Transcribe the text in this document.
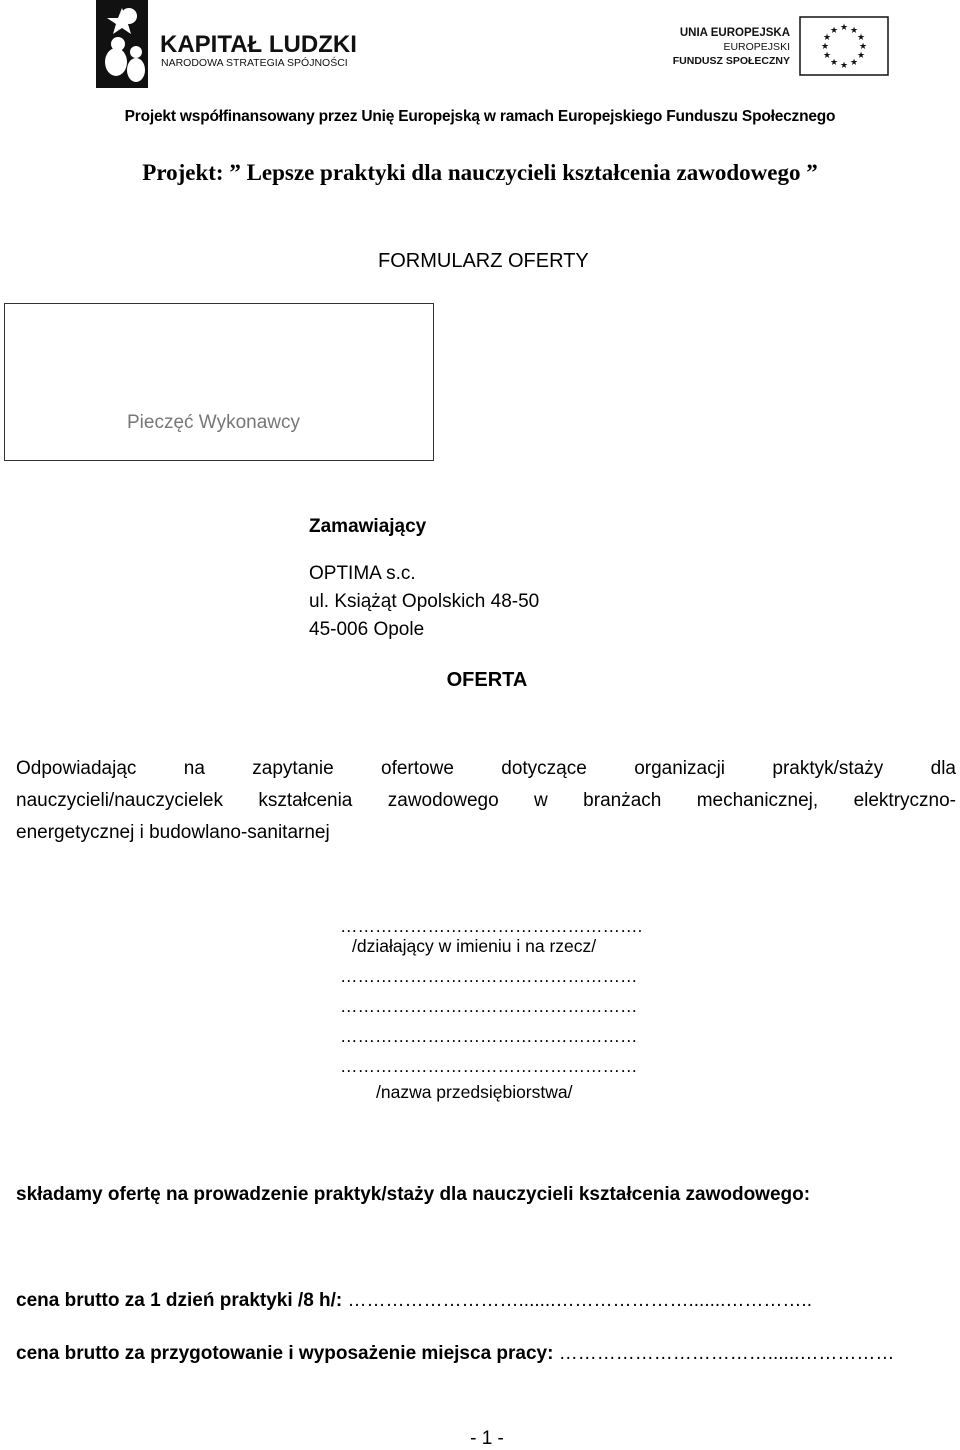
KAPITAŁ LUDZKI
NARODOWA STRATEGIA SPÓJNOŚCI
UNIA EUROPEJSKA
EUROPEJSKI
FUNDUSZ SPOŁECZNY
★ ★
★
★
★
★
★
★
★
★
★
★
Projekt współfinansowany przez Unię Europejską w ramach Europejskiego Funduszu Społecznego
Projekt: ” Lepsze praktyki dla nauczycieli kształcenia zawodowego ”
FORMULARZ OFERTY
Pieczęć Wykonawcy
Zamawiający
OPTIMA s.c.
ul. Książąt Opolskich 48-50
45-006 Opole
OFERTA
Odpowiadając na zapytanie ofertowe dotyczące organizacji praktyk/staży dla
nauczycieli/nauczycielek kształcenia zawodowego w branżach mechanicznej, elektryczno-
energetycznej i budowlano-sanitarnej
…………………………………………….
/działający w imieniu i na rzecz/
……………………………………………
……………………………………………
……………………………………………
……………………………………………
/nazwa przedsiębiorstwa/
składamy ofertę na prowadzenie praktyk/staży dla nauczycieli kształcenia zawodowego:
cena brutto za 1 dzień praktyki /8 h/: ……………………….......………………….......…………..
cena brutto za przygotowanie i wyposażenie miejsca pracy: ……………………………......……………
- 1 -
